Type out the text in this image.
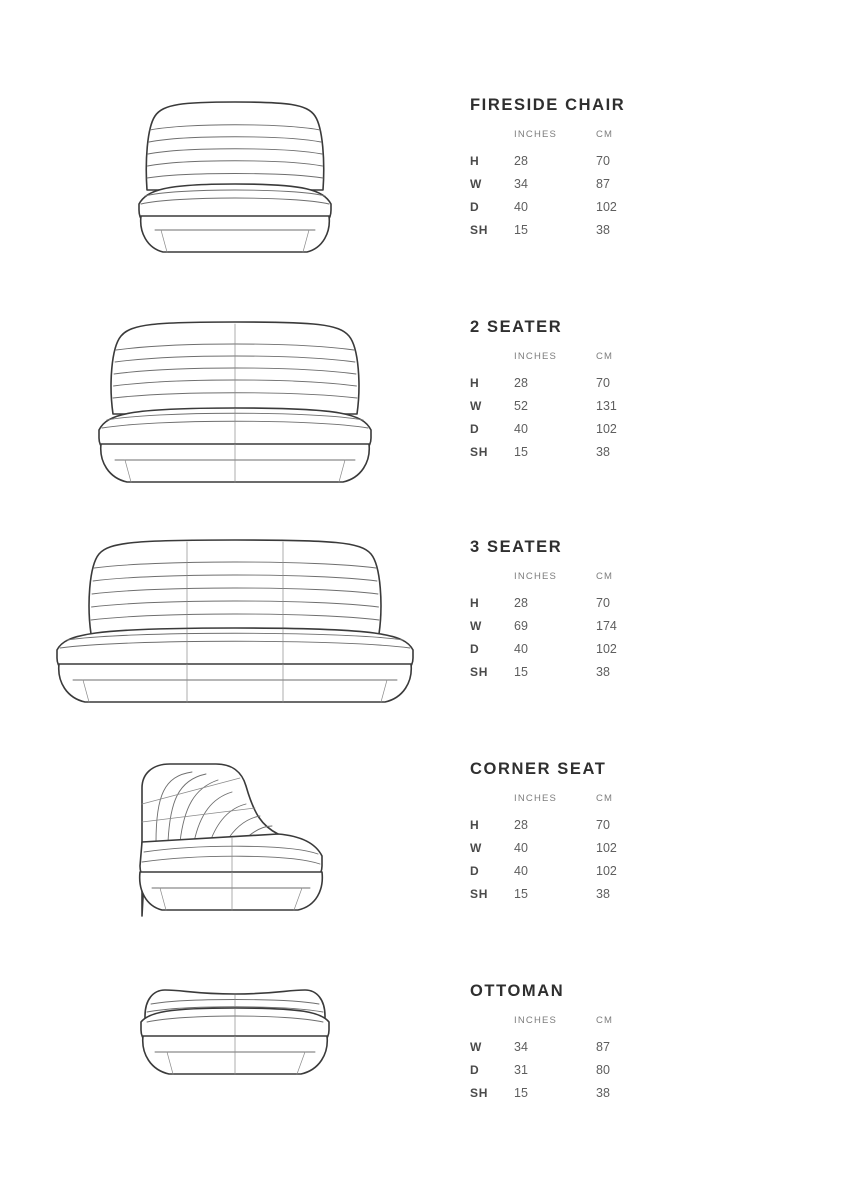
FIRESIDE CHAIR
	INCHES	CM
H	28	70
W	34	87
D	40	102
SH	15	38
2 SEATER
	INCHES	CM
H	28	70
W	52	131
D	40	102
SH	15	38
3 SEATER
	INCHES	CM
H	28	70
W	69	174
D	40	102
SH	15	38
CORNER SEAT
	INCHES	CM
H	28	70
W	40	102
D	40	102
SH	15	38
OTTOMAN
	INCHES	CM
W	34	87
D	31	80
SH	15	38
